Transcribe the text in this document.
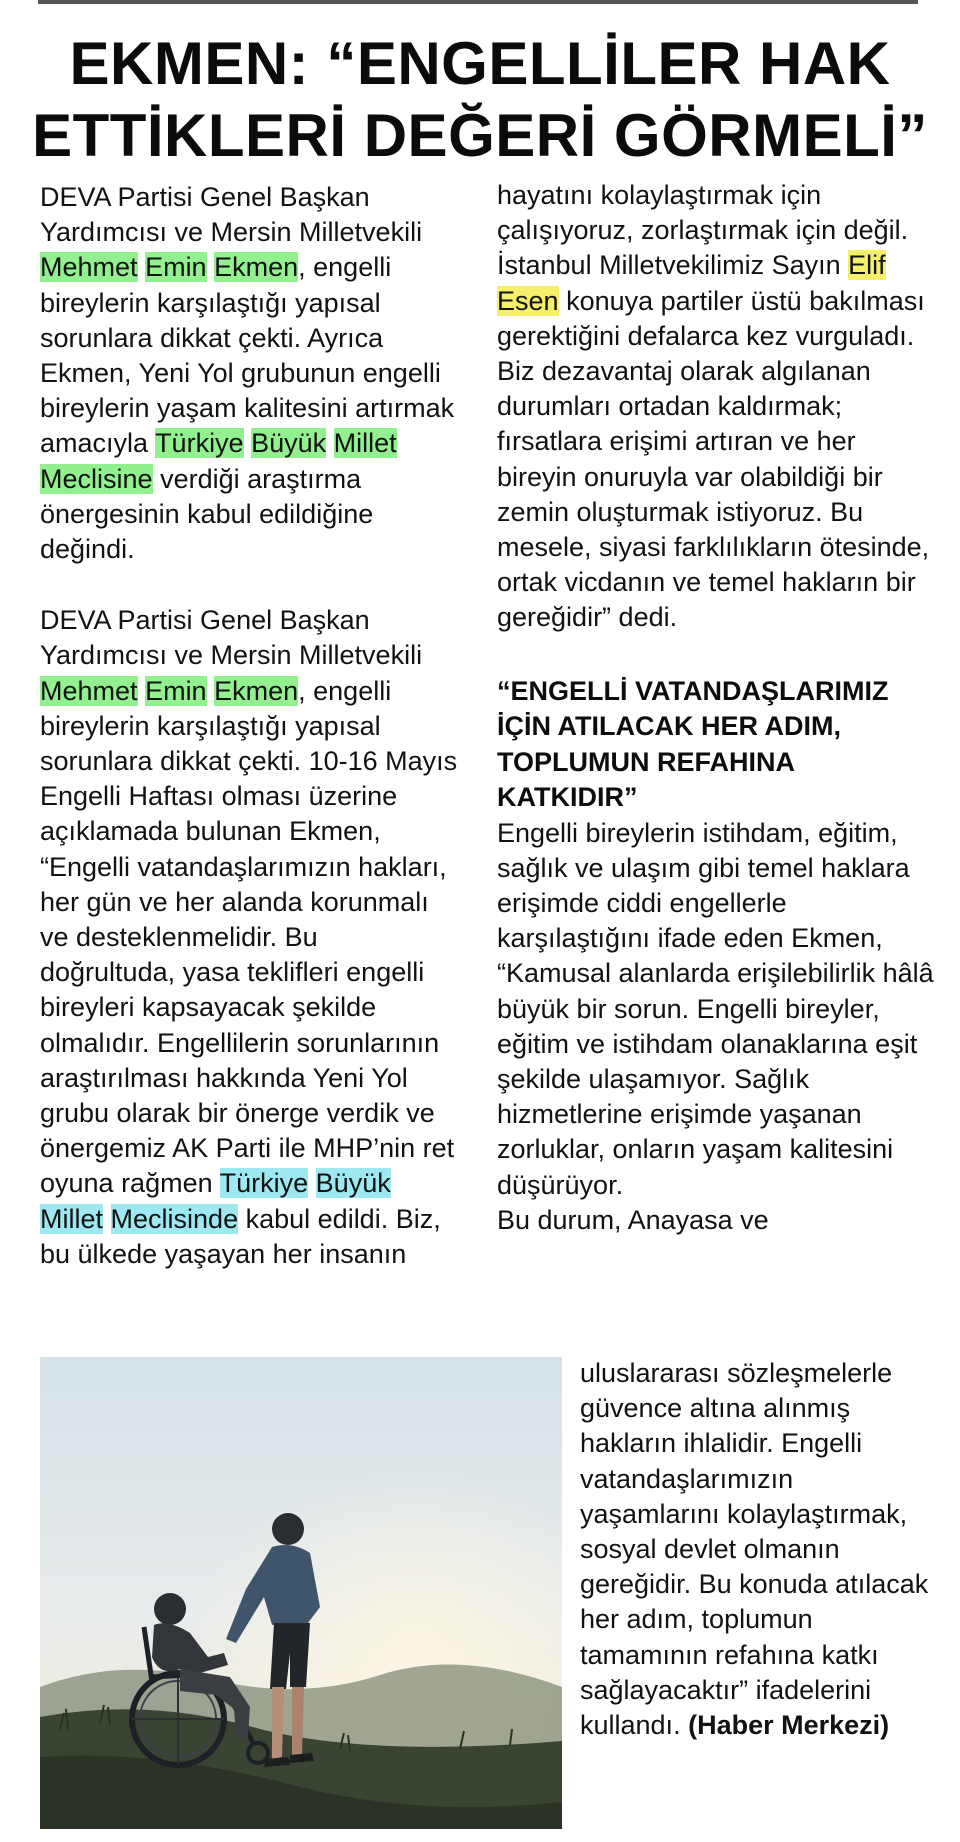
EKMEN: “ENGELLİLER HAK ETTİKLERİ DEĞERİ GÖRMELİ”

DEVA Partisi Genel Başkan Yardımcısı ve Mersin Milletvekili Mehmet Emin Ekmen, engelli bireylerin karşılaştığı yapısal sorunlara dikkat çekti. Ayrıca Ekmen, Yeni Yol grubunun engelli bireylerin yaşam kalitesini artırmak amacıyla Türkiye Büyük Millet Meclisine verdiği araştırma önergesinin kabul edildiğine değindi.

DEVA Partisi Genel Başkan Yardımcısı ve Mersin Milletvekili Mehmet Emin Ekmen, engelli bireylerin karşılaştığı yapısal sorunlara dikkat çekti. 10-16 Mayıs Engelli Haftası olması üzerine açıklamada bulunan Ekmen, “Engelli vatandaşlarımızın hakları, her gün ve her alanda korunmalı ve desteklenmelidir. Bu doğrultuda, yasa teklifleri engelli bireyleri kapsayacak şekilde olmalıdır. Engellilerin sorunlarının araştırılması hakkında Yeni Yol grubu olarak bir önerge verdik ve önergemiz AK Parti ile MHP’nin ret oyuna rağmen Türkiye Büyük Millet Meclisinde kabul edildi. Biz, bu ülkede yaşayan her insanın

hayatını kolaylaştırmak için çalışıyoruz, zorlaştırmak için değil. İstanbul Milletvekilimiz Sayın Elif Esen konuya partiler üstü bakılması gerektiğini defalarca kez vurguladı. Biz dezavantaj olarak algılanan durumları ortadan kaldırmak; fırsatlara erişimi artıran ve her bireyin onuruyla var olabildiği bir zemin oluşturmak istiyoruz. Bu mesele, siyasi farklılıkların ötesinde, ortak vicdanın ve temel hakların bir gereğidir” dedi.

“ENGELLİ VATANDAŞLARIMIZ İÇİN ATILACAK HER ADIM, TOPLUMUN REFAHINA KATKIDIR”

Engelli bireylerin istihdam, eğitim, sağlık ve ulaşım gibi temel haklara erişimde ciddi engellerle karşılaştığını ifade eden Ekmen, “Kamusal alanlarda erişilebilirlik hâlâ büyük bir sorun. Engelli bireyler, eğitim ve istihdam olanaklarına eşit şekilde ulaşamıyor. Sağlık hizmetlerine erişimde yaşanan zorluklar, onların yaşam kalitesini düşürüyor.

Bu durum, Anayasa ve

uluslararası sözleşmelerle güvence altına alınmış hakların ihlalidir. Engelli vatandaşlarımızın yaşamlarını kolaylaştırmak, sosyal devlet olmanın gereğidir. Bu konuda atılacak her adım, toplumun tamamının refahına katkı sağlayacaktır” ifadelerini kullandı. (Haber Merkezi)
